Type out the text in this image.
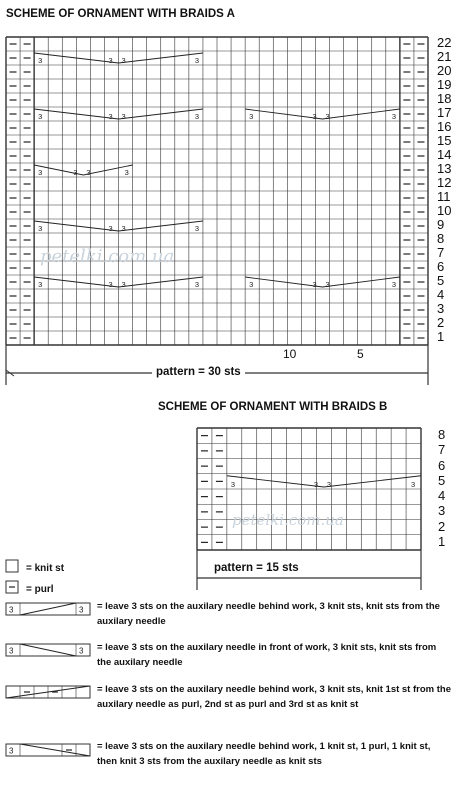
SCHEME OF ORNAMENT WITH BRAIDS A
3	3 3	3
3	3 3	3
3	3 3	3
3	3 3	3
3	3 3	3
3	3 3	3
3	3 3	3
3	3 3	3
22
21
20
19
18
17
16
15
14
13
12
11
10
9
8
7
6
5
4
3
2
1
10	5
pattern = 30 sts
petelki.com.ua
SCHEME OF ORNAMENT WITH BRAIDS B
8
7
6
5
4
3
2
1
pattern = 15 sts
petelki.com.ua
3	3
3	3
3
= knit st
= purl
= leave 3 sts on the auxilary needle behind work, 3 knit sts, knit sts from the auxilary needle
= leave 3 sts on the auxilary needle in front of work, 3 knit sts, knit sts from the auxilary needle
= leave 3 sts on the auxilary needle behind work, 3 knit sts, knit 1st st from the auxilary needle as purl, 2nd st as purl and 3rd st as knit st
= leave 3 sts on the auxilary needle behind work, 1 knit st, 1 purl, 1 knit st, then knit 3 sts from the auxilary needle as knit sts
